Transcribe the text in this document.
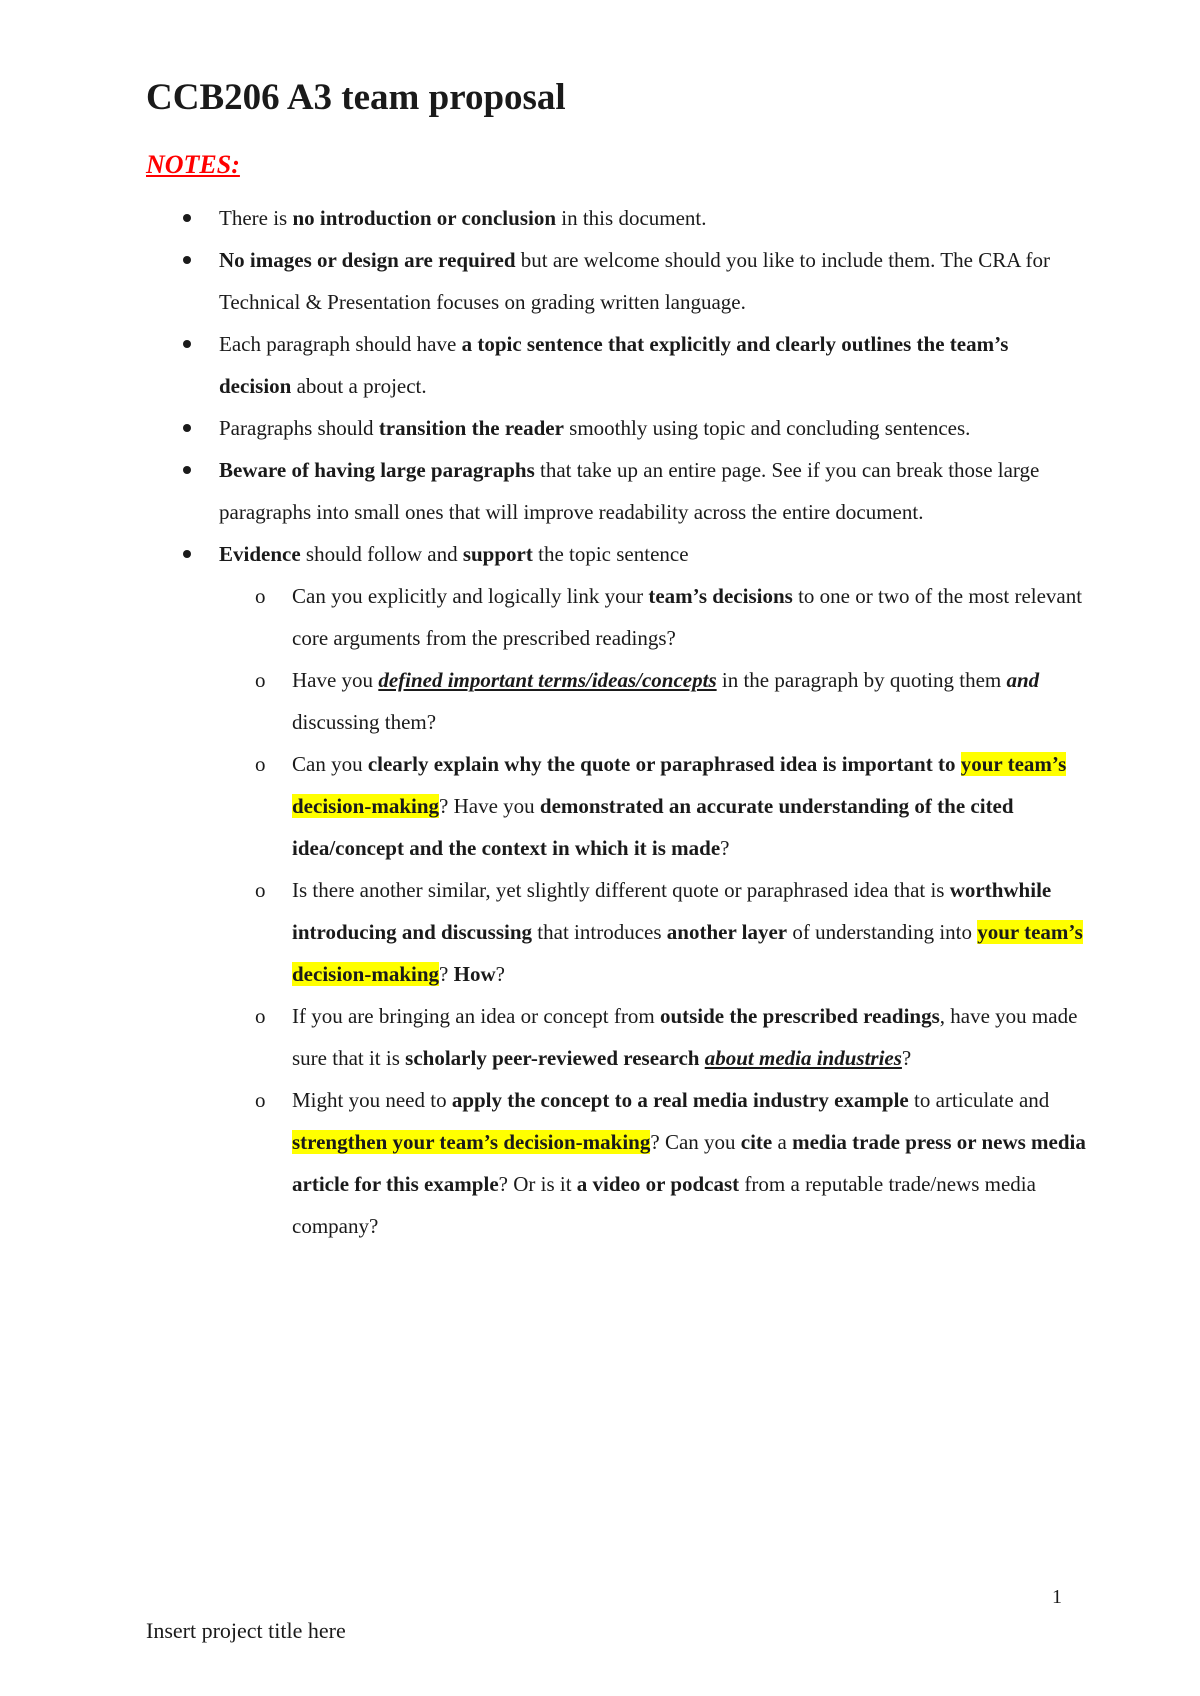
CCB206 A3 team proposal
NOTES:
There is no introduction or conclusion in this document.
No images or design are required but are welcome should you like to include them. The CRA for Technical & Presentation focuses on grading written language.
Each paragraph should have a topic sentence that explicitly and clearly outlines the team’s decision about a project.
Paragraphs should transition the reader smoothly using topic and concluding sentences.
Beware of having large paragraphs that take up an entire page. See if you can break those large paragraphs into small ones that will improve readability across the entire document.
Evidence should follow and support the topic sentence
o Can you explicitly and logically link your team’s decisions to one or two of the most relevant core arguments from the prescribed readings?
o Have you defined important terms/ideas/concepts in the paragraph by quoting them and discussing them?
o Can you clearly explain why the quote or paraphrased idea is important to your team’s decision-making? Have you demonstrated an accurate understanding of the cited idea/concept and the context in which it is made?
o Is there another similar, yet slightly different quote or paraphrased idea that is worthwhile introducing and discussing that introduces another layer of understanding into your team’s decision-making? How?
o If you are bringing an idea or concept from outside the prescribed readings, have you made sure that it is scholarly peer-reviewed research about media industries?
o Might you need to apply the concept to a real media industry example to articulate and strengthen your team’s decision-making? Can you cite a media trade press or news media article for this example? Or is it a video or podcast from a reputable trade/news media company?
1
Insert project title here
